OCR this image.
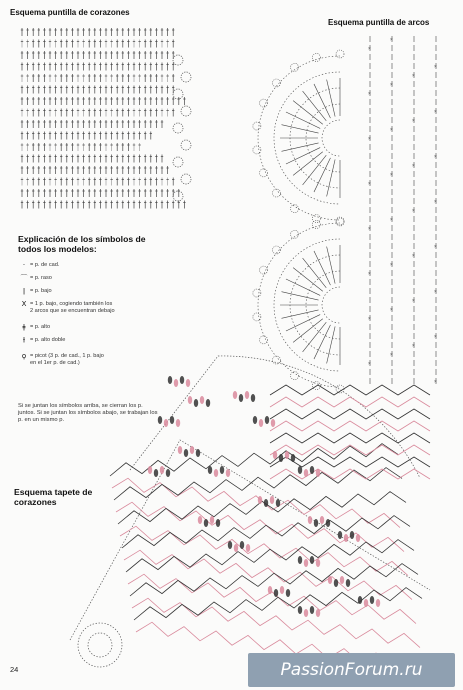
Esquema puntilla de corazones
Esquema puntilla de arcos
×
×
×
×
×
×
×
×
×
×
×
×
×
×
×
×
×
×
×
×
×
×
×
×
×
×
×
×
×
×
×
Explicación de los símbolos de todos los modelos:
· = p. de cad.
⌒ = p. raso
ǀ = p. bajo
X = 1 p. bajo, cogiendo también los
2 arcos que se encuentran debajo
ǂ = p. alto
⫲ = p. alto doble
ϙ = picot (3 p. de cad., 1 p. bajo
en el 1er p. de cad.)
Si se juntan los símbolos arriba, se cierran los p. juntos. Si se juntan los símbolos abajo, se trabajan los p. en un mismo p.
Esquema tapete de corazones
24	PassionForum.ru
